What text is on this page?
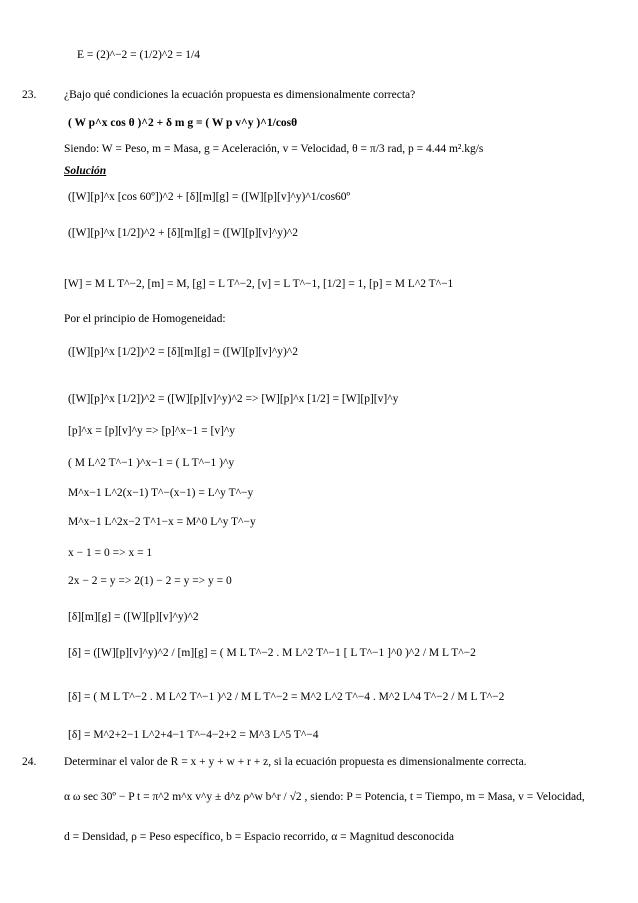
E = (2)^−2 = (1/2)^2 = 1/4
23. ¿Bajo qué condiciones la ecuación propuesta es dimensionalmente correcta?
( W p^x cos θ )^2 + δ m g = ( W p v^y )^1/cosθ
Siendo: W = Peso, m = Masa, g = Aceleración, v = Velocidad, θ = π/3 rad, p = 4.44 m².kg/s
Solución
([W][p]^x [cos 60º])^2 + [δ][m][g] = ([W][p][v]^y)^1/cos60º
([W][p]^x [1/2])^2 + [δ][m][g] = ([W][p][v]^y)^2
[W] = M L T^−2, [m] = M, [g] = L T^−2, [v] = L T^−1, [1/2] = 1, [p] = M L^2 T^−1
Por el principio de Homogeneidad:
([W][p]^x [1/2])^2 = [δ][m][g] = ([W][p][v]^y)^2
([W][p]^x [1/2])^2 = ([W][p][v]^y)^2 => [W][p]^x [1/2] = [W][p][v]^y
[p]^x = [p][v]^y => [p]^x−1 = [v]^y
( M L^2 T^−1 )^x−1 = ( L T^−1 )^y
M^x−1 L^2(x−1) T^−(x−1) = L^y T^−y
M^x−1 L^2x−2 T^1−x = M^0 L^y T^−y
x − 1 = 0 => x = 1
2x − 2 = y => 2(1) − 2 = y => y = 0
[δ][m][g] = ([W][p][v]^y)^2
[δ] = ([W][p][v]^y)^2 / [m][g] = ( M L T^−2 . M L^2 T^−1 [ L T^−1 ]^0 )^2 / M L T^−2
[δ] = ( M L T^−2 . M L^2 T^−1 )^2 / M L T^−2 = M^2 L^2 T^−4 . M^2 L^4 T^−2 / M L T^−2
[δ] = M^2+2−1 L^2+4−1 T^−4−2+2 = M^3 L^5 T^−4
24. Determinar el valor de R = x + y + w + r + z, si la ecuación propuesta es dimensionalmente correcta.
α ω sec 30º − P t = π^2 m^x v^y ± d^z ρ^w b^r / √2 , siendo: P = Potencia, t = Tiempo, m = Masa, v = Velocidad,
d = Densidad, ρ = Peso específico, b = Espacio recorrido, α = Magnitud desconocida
